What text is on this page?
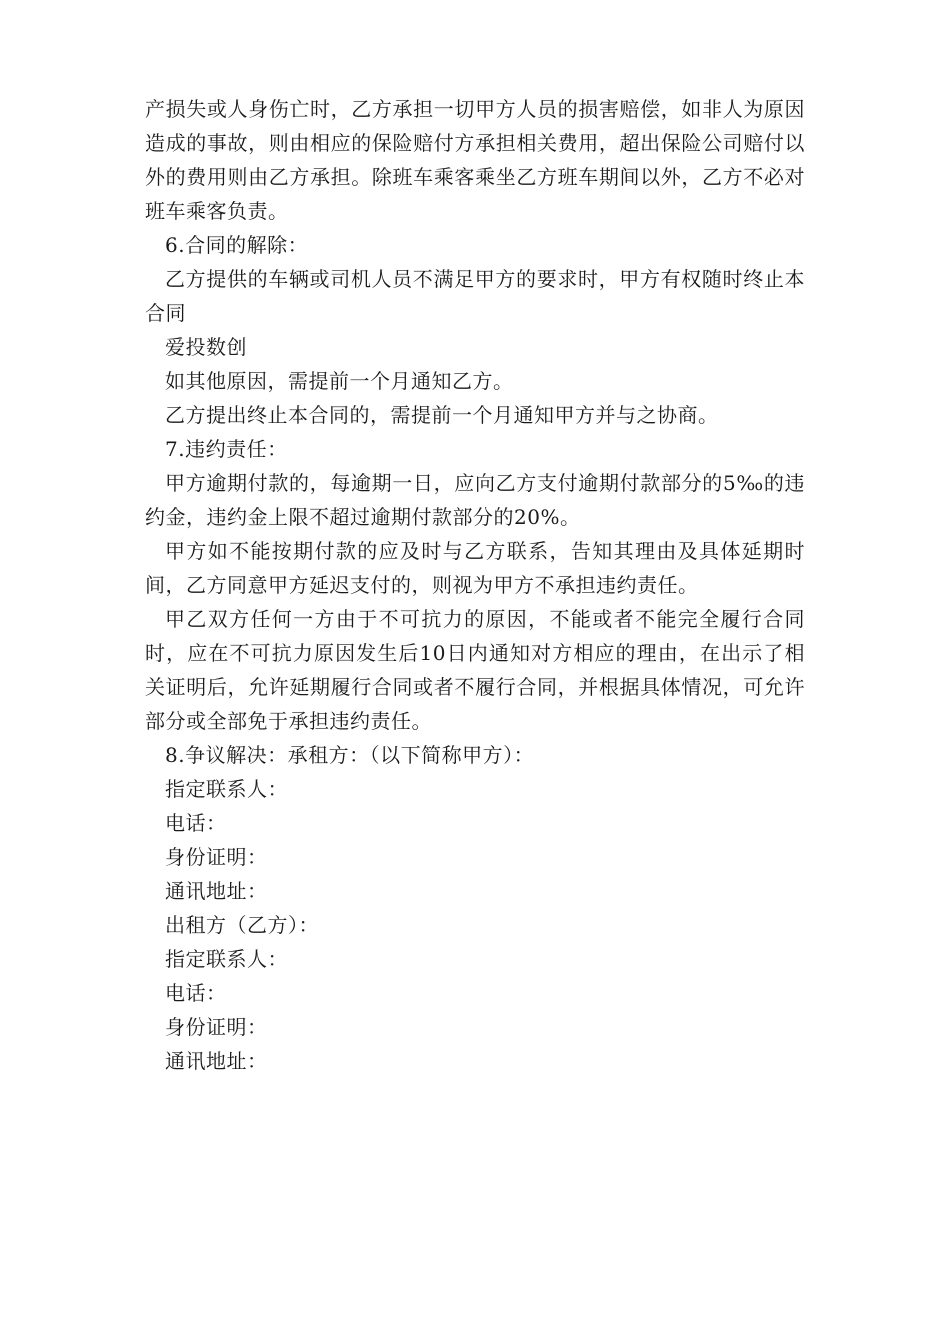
产损失或人身伤亡时，乙方承担一切甲方人员的损害赔偿，如非人为原因造成的事故，则由相应的保险赔付方承担相关费用，超出保险公司赔付以外的费用则由乙方承担。除班车乘客乘坐乙方班车期间以外，乙方不必对班车乘客负责。

6.合同的解除：

乙方提供的车辆或司机人员不满足甲方的要求时，甲方有权随时终止本合同

爱投数创

如其他原因，需提前一个月通知乙方。

乙方提出终止本合同的，需提前一个月通知甲方并与之协商。

7.违约责任：

甲方逾期付款的，每逾期一日，应向乙方支付逾期付款部分的5‰的违约金，违约金上限不超过逾期付款部分的20%。

甲方如不能按期付款的应及时与乙方联系，告知其理由及具体延期时间，乙方同意甲方延迟支付的，则视为甲方不承担违约责任。

甲乙双方任何一方由于不可抗力的原因，不能或者不能完全履行合同时，应在不可抗力原因发生后10日内通知对方相应的理由，在出示了相关证明后，允许延期履行合同或者不履行合同，并根据具体情况，可允许部分或全部免于承担违约责任。

8.争议解决：承租方：（以下简称甲方）：

指定联系人：

电话：

身份证明：

通讯地址：

出租方（乙方）：

指定联系人：

电话：

身份证明：

通讯地址：
